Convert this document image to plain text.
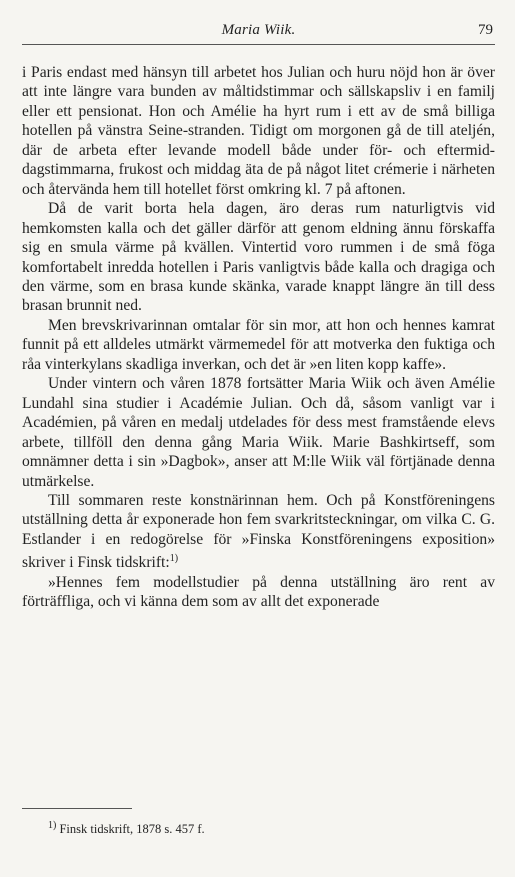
Maria Wiik.	79

i Paris endast med hänsyn till arbetet hos Julian och huru nöjd hon är över att inte längre vara bunden av måltidstimmar och sällskapsliv i en familj eller ett pensionat. Hon och Amélie ha hyrt rum i ett av de små billiga hotellen på vänstra Seine-stranden. Tidigt om morgonen gå de till ateljén, där de arbeta efter levande modell både under för- och eftermiddagstimmarna, frukost och middag äta de på något litet crémerie i närheten och återvända hem till hotellet först omkring kl. 7 på aftonen.

Då de varit borta hela dagen, äro deras rum naturligtvis vid hemkomsten kalla och det gäller därför att genom eldning ännu förskaffa sig en smula värme på kvällen. Vintertid voro rummen i de små föga komfortabelt inredda hotellen i Paris vanligtvis både kalla och dragiga och den värme, som en brasa kunde skänka, varade knappt längre än till dess brasan brunnit ned.

Men brevskrivarinnan omtalar för sin mor, att hon och hennes kamrat funnit på ett alldeles utmärkt värmemedel för att motverka den fuktiga och råa vinterkylans skadliga inverkan, och det är »en liten kopp kaffe».

Under vintern och våren 1878 fortsätter Maria Wiik och även Amélie Lundahl sina studier i Académie Julian. Och då, såsom vanligt var i Académien, på våren en medalj utdelades för dess mest framstående elevs arbete, tillföll den denna gång Maria Wiik. Marie Bashkirtseff, som omnämner detta i sin »Dagbok», anser att M:lle Wiik väl förtjänade denna utmärkelse.

Till sommaren reste konstnärinnan hem. Och på Konstföreningens utställning detta år exponerade hon fem svarkritsteckningar, om vilka C. G. Estlander i en redogörelse för »Finska Konstföreningens exposition» skriver i Finsk tidskrift:$^{1)}$

»Hennes fem modellstudier på denna utställning äro rent av förträffliga, och vi känna dem som av allt det exponerade

$^{1)}$ Finsk tidskrift, 1878 s. 457 f.
